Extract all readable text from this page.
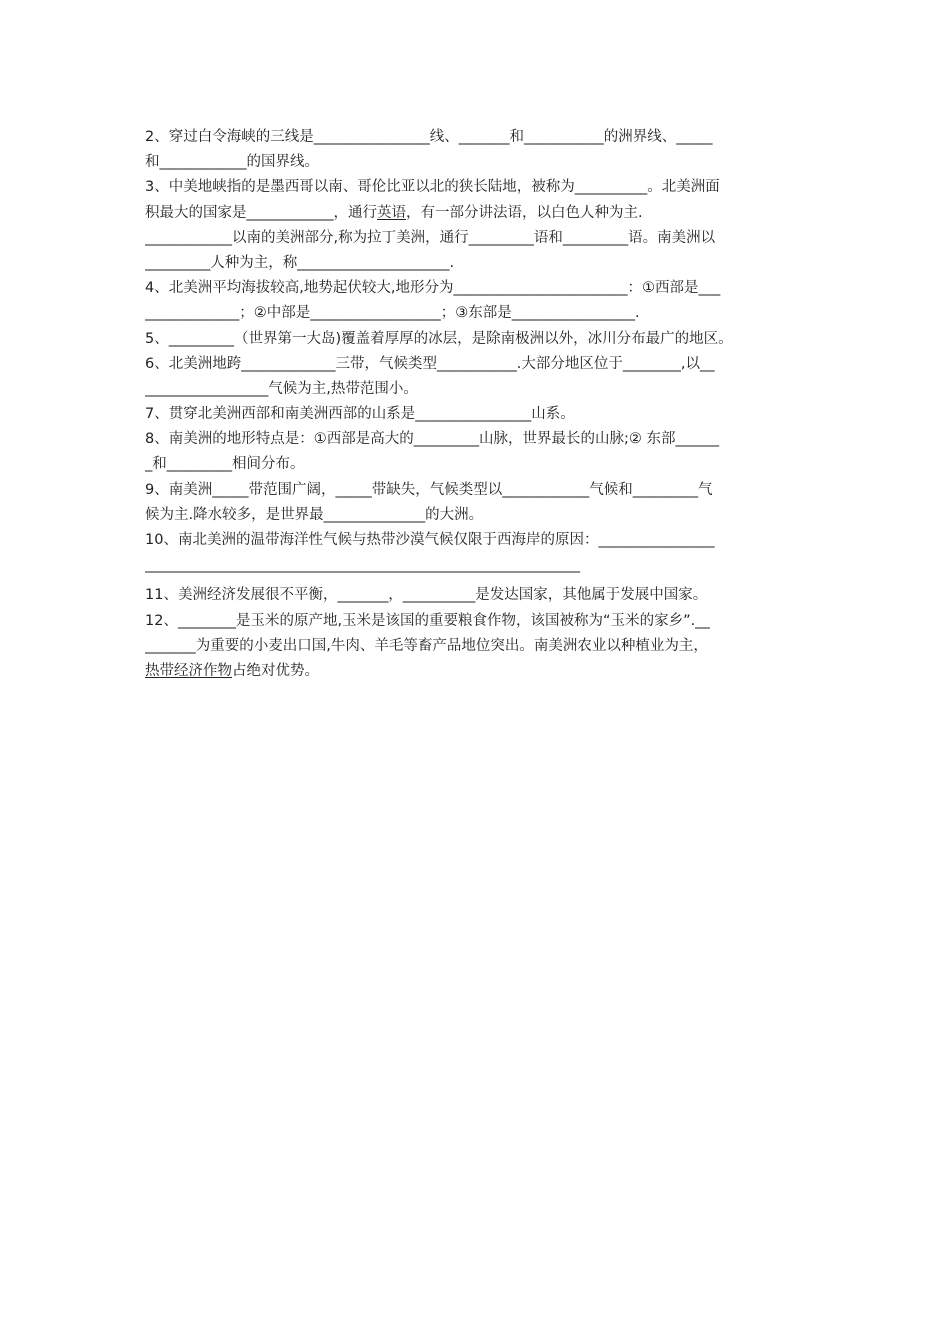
2、穿过白令海峡的三线是________________线、_______和___________的洲界线、_____
和____________的国界线。
3、中美地峡指的是墨西哥以南、哥伦比亚以北的狭长陆地，被称为__________。北美洲面
积最大的国家是____________，通行英语，有一部分讲法语，以白色人种为主.
____________以南的美洲部分,称为拉丁美洲，通行_________语和_________语。南美洲以
_________人种为主，称_____________________.
4、北美洲平均海拔较高,地势起伏较大,地形分为________________________：①西部是___
_____________；②中部是__________________；③东部是_________________.
5、_________（世界第一大岛)覆盖着厚厚的冰层，是除南极洲以外，冰川分布最广的地区。
6、北美洲地跨_____________三带，气候类型___________.大部分地区位于________,以__
_________________气候为主,热带范围小。
7、贯穿北美洲西部和南美洲西部的山系是________________山系。
8、南美洲的地形特点是：①西部是高大的_________山脉，世界最长的山脉;② 东部______
_和_________相间分布。
9、南美洲_____带范围广阔，_____带缺失，气候类型以____________气候和_________气
候为主.降水较多，是世界最______________的大洲。
10、南北美洲的温带海洋性气候与热带沙漠气候仅限于西海岸的原因：________________
____________________________________________________________
11、美洲经济发展很不平衡，_______，__________是发达国家，其他属于发展中国家。
12、________是玉米的原产地,玉米是该国的重要粮食作物，该国被称为“玉米的家乡”.__
_______为重要的小麦出口国,牛肉、羊毛等畜产品地位突出。南美洲农业以种植业为主，
热带经济作物占绝对优势。
